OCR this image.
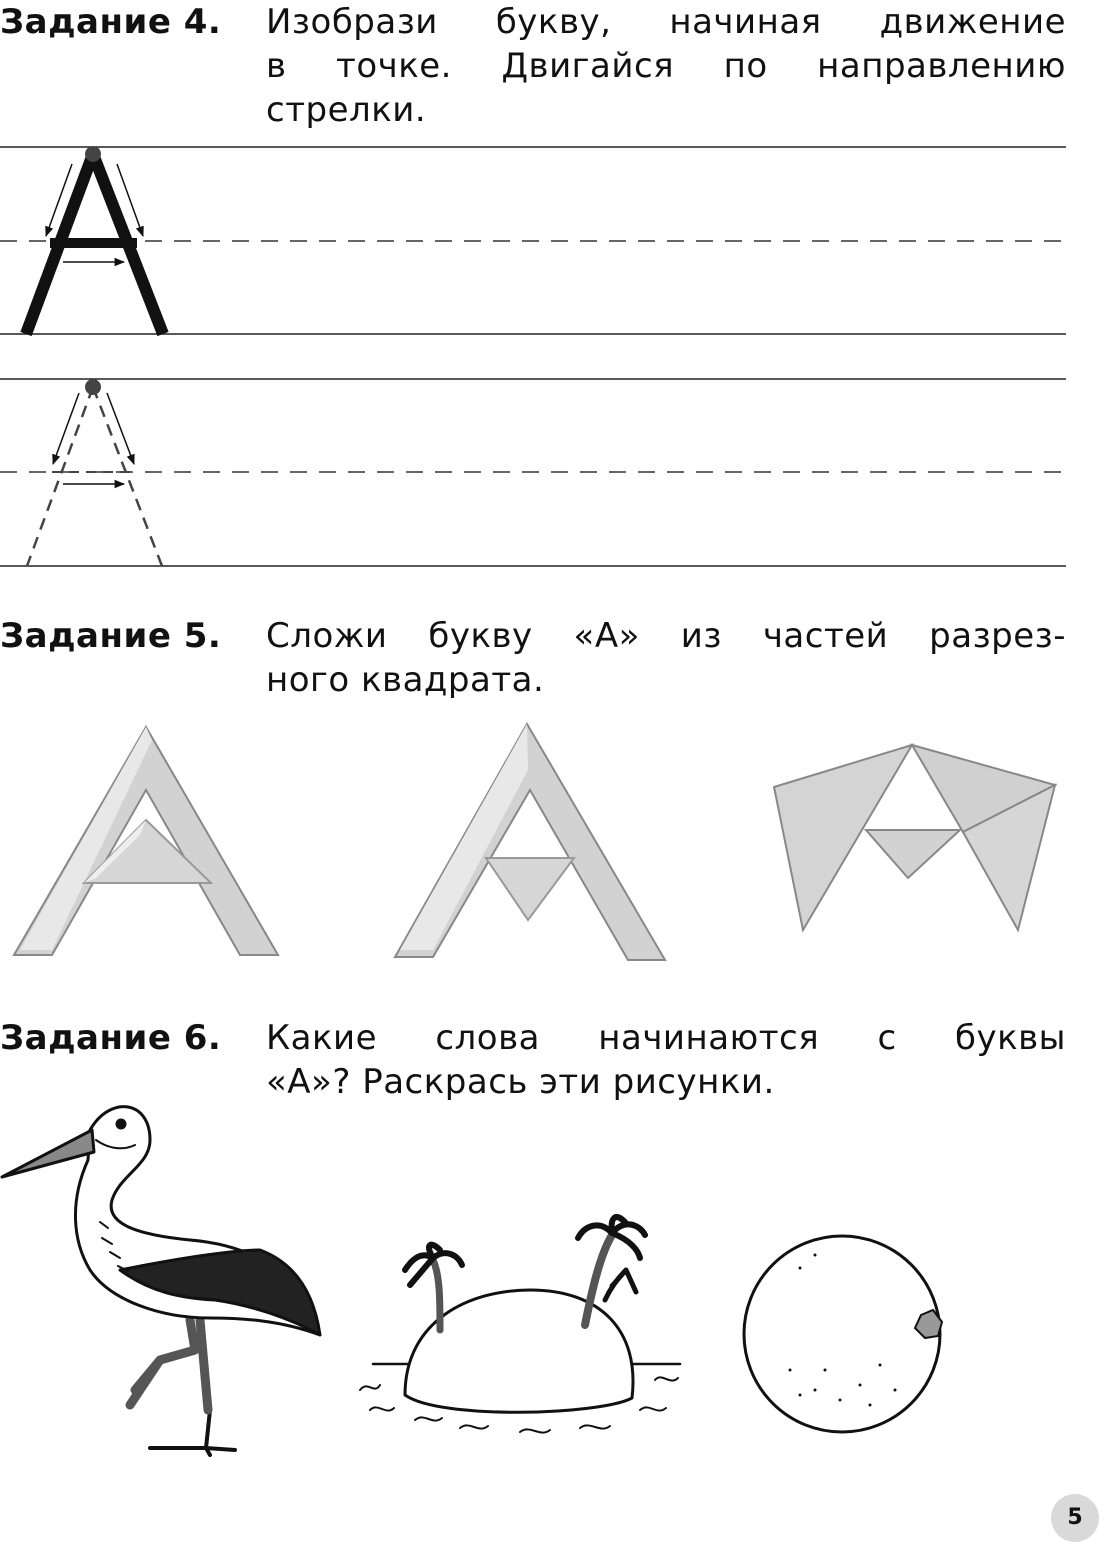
Задание 4. Изобрази букву, начиная движение
в точке. Двигайся по направлению
стрелки.
Задание 5. Сложи букву «А» из частей разрез-
ного квадрата.
Задание 6. Какие слова начинаются с буквы
«А»? Раскрась эти рисунки.
5
